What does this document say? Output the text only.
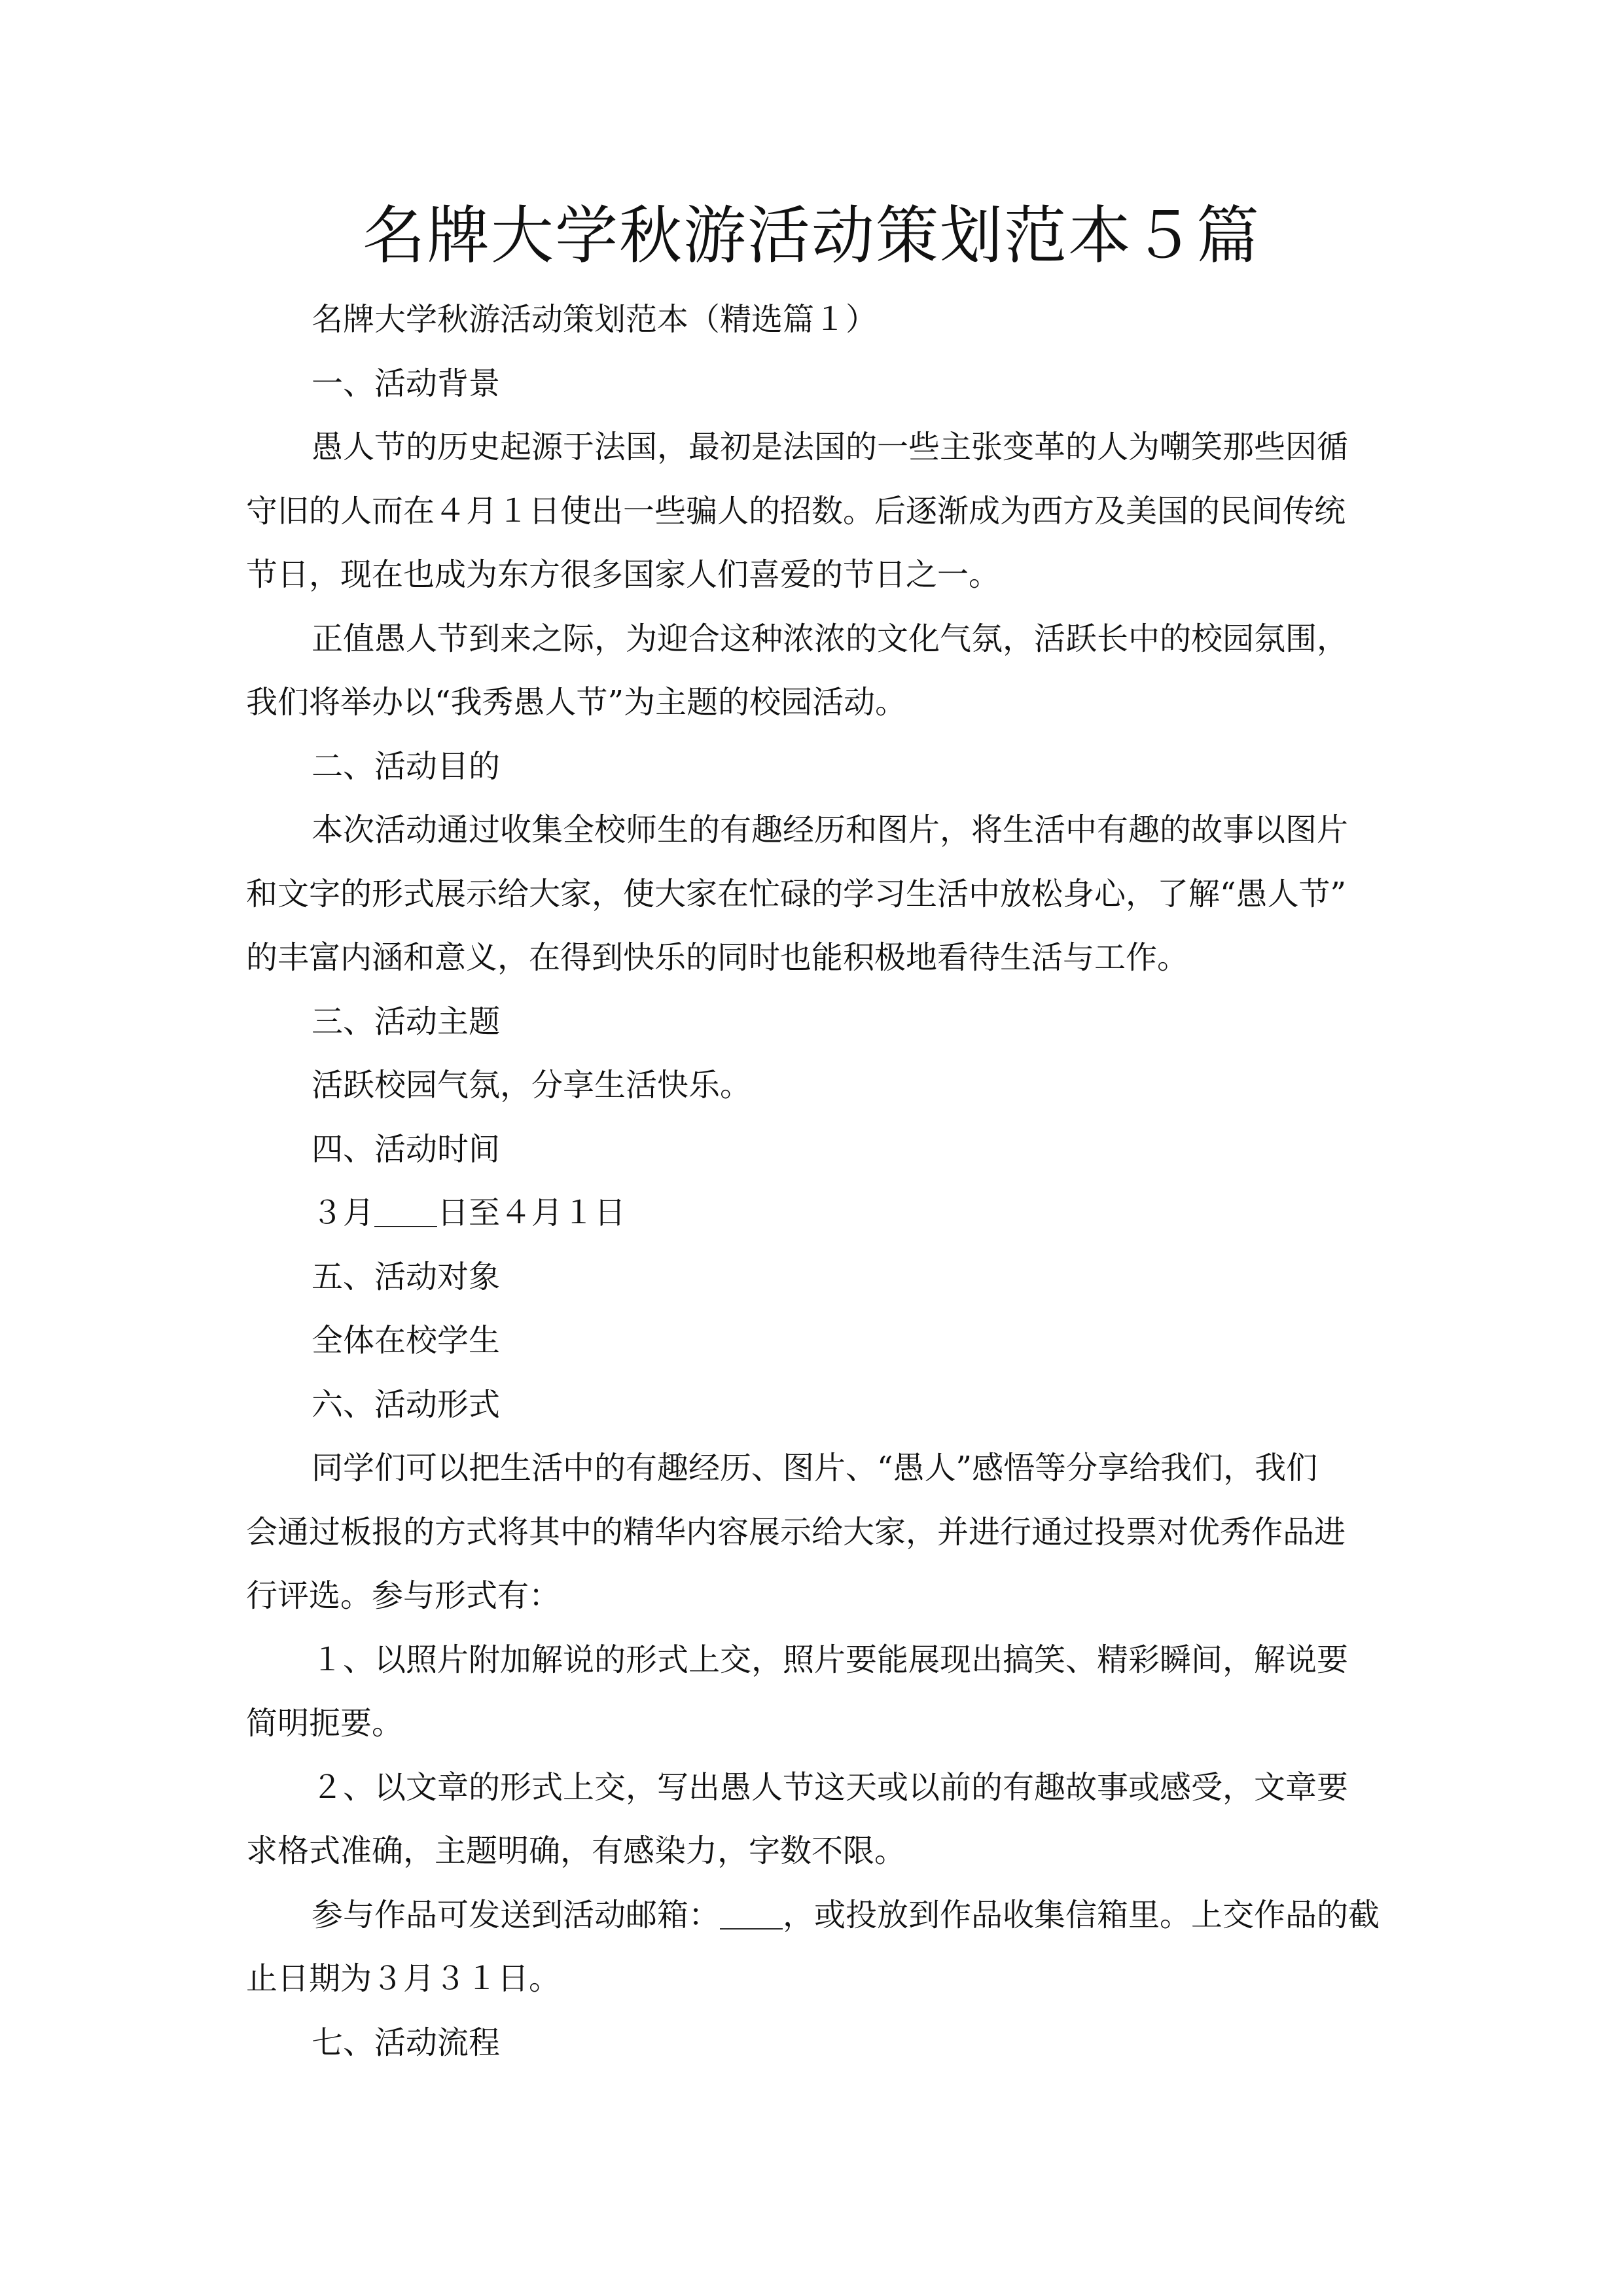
名牌大学秋游活动策划范本５篇

名牌大学秋游活动策划范本（精选篇１）

一、活动背景

愚人节的历史起源于法国，最初是法国的一些主张变革的人为嘲笑那些因循

守旧的人而在４月１日使出一些骗人的招数。后逐渐成为西方及美国的民间传统

节日，现在也成为东方很多国家人们喜爱的节日之一。

正值愚人节到来之际，为迎合这种浓浓的文化气氛，活跃长中的校园氛围，

我们将举办以“我秀愚人节”为主题的校园活动。

二、活动目的

本次活动通过收集全校师生的有趣经历和图片，将生活中有趣的故事以图片

和文字的形式展示给大家，使大家在忙碌的学习生活中放松身心，了解“愚人节”

的丰富内涵和意义，在得到快乐的同时也能积极地看待生活与工作。

三、活动主题

活跃校园气氛，分享生活快乐。

四、活动时间

３月＿＿日至４月１日

五、活动对象

全体在校学生

六、活动形式

同学们可以把生活中的有趣经历、图片、“愚人”感悟等分享给我们，我们

会通过板报的方式将其中的精华内容展示给大家，并进行通过投票对优秀作品进

行评选。参与形式有：

１、以照片附加解说的形式上交，照片要能展现出搞笑、精彩瞬间，解说要

简明扼要。

２、以文章的形式上交，写出愚人节这天或以前的有趣故事或感受，文章要

求格式准确，主题明确，有感染力，字数不限。

参与作品可发送到活动邮箱：＿＿，或投放到作品收集信箱里。上交作品的截

止日期为３月３１日。

七、活动流程
